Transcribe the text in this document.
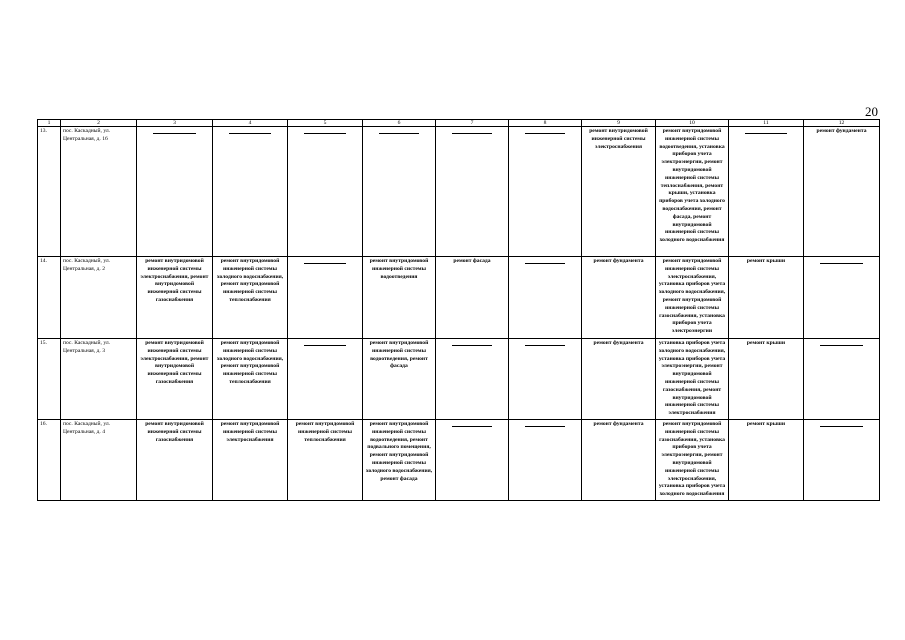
20
1	2	3	4	5	6	7	8	9	10	11	12
13.	пос. Каскадный, ул. Центральная, д. 16							ремонт внутридомовой инженерной системы электроснабжения	ремонт внутридомовой инженерной системы водоотведения, установка приборов учета электроэнергии, ремонт внутридомовой инженерной системы теплоснабжения, ремонт крыши, установка приборов учета холодного водоснабжения, ремонт фасада, ремонт внутридомовой инженерной системы холодного водоснабжения		ремонт фундамента
14.	пос. Каскадный, ул. Центральная, д. 2	ремонт внутридомовой инженерной системы электроснабжения, ремонт внутридомовой инженерной системы газоснабжения	ремонт внутридомовой инженерной системы холодного водоснабжения, ремонт внутридомовой инженерной системы теплоснабжения		ремонт внутридомовой инженерной системы водоотведения	ремонт фасада		ремонт фундамента	ремонт внутридомовой инженерной системы электроснабжения, установка приборов учета холодного водоснабжения, ремонт внутридомовой инженерной системы газоснабжения, установка приборов учета электроэнергии	ремонт крыши	

15.	пос. Каскадный, ул. Центральная, д. 3	ремонт внутридомовой инженерной системы электроснабжения, ремонт внутридомовой инженерной системы газоснабжения	ремонт внутридомовой инженерной системы холодного водоснабжения, ремонт внутридомовой инженерной системы теплоснабжения		ремонт внутридомовой инженерной системы водоотведения, ремонт фасада			ремонт фундамента	установка приборов учета холодного водоснабжения, установка приборов учета электроэнергии, ремонт внутридомовой инженерной системы газоснабжения, ремонт внутридомовой инженерной системы электроснабжения	ремонт крыши	

16.	пос. Каскадный, ул. Центральная, д. 4	ремонт внутридомовой инженерной системы газоснабжения	ремонт внутридомовой инженерной системы электроснабжения	ремонт внутридомовой инженерной системы теплоснабжения	ремонт внутридомовой инженерной системы водоотведения, ремонт подвального помещения, ремонт внутридомовой инженерной системы холодного водоснабжения, ремонт фасада			ремонт фундамента	ремонт внутридомовой инженерной системы газоснабжения, установка приборов учета электроэнергии, ремонт внутридомовой инженерной системы электроснабжения, установка приборов учета холодного водоснабжения	ремонт крыши	
